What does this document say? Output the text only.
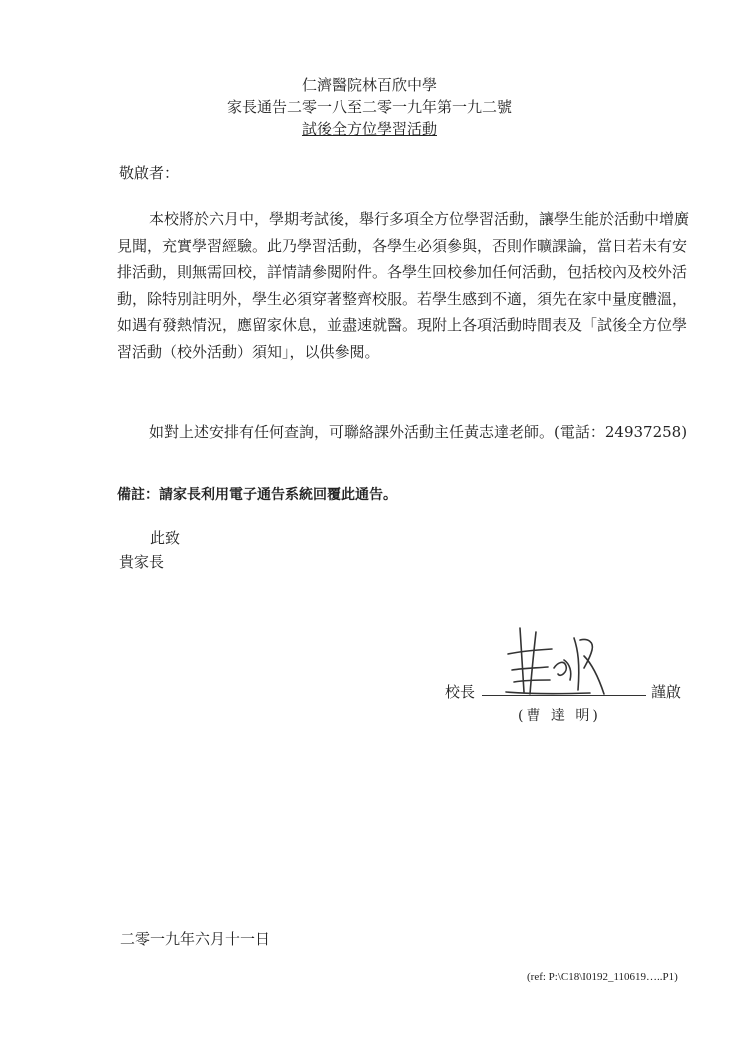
仁濟醫院林百欣中學
家長通告二零一八至二零一九年第一九二號
試後全方位學習活動
敬啟者：

本校將於六月中，學期考試後，舉行多項全方位學習活動，讓學生能於活動中增廣
見聞，充實學習經驗。此乃學習活動，各學生必須參與，否則作曠課論，當日若未有安
排活動，則無需回校，詳情請參閱附件。各學生回校參加任何活動，包括校內及校外活
動，除特別註明外，學生必須穿著整齊校服。若學生感到不適，須先在家中量度體溫，
如遇有發熱情況，應留家休息，並盡速就醫。現附上各項活動時間表及「試後全方位學
習活動（校外活動）須知」，以供參閱。

如對上述安排有任何查詢，可聯絡課外活動主任黃志達老師。(電話：24937258)
備註：請家長利用電子通告系統回覆此通告。
此致
貴家長
校長	謹啟
(曹 達 明)
二零一九年六月十一日
(ref: P:\C18\I0192_110619…..P1)
